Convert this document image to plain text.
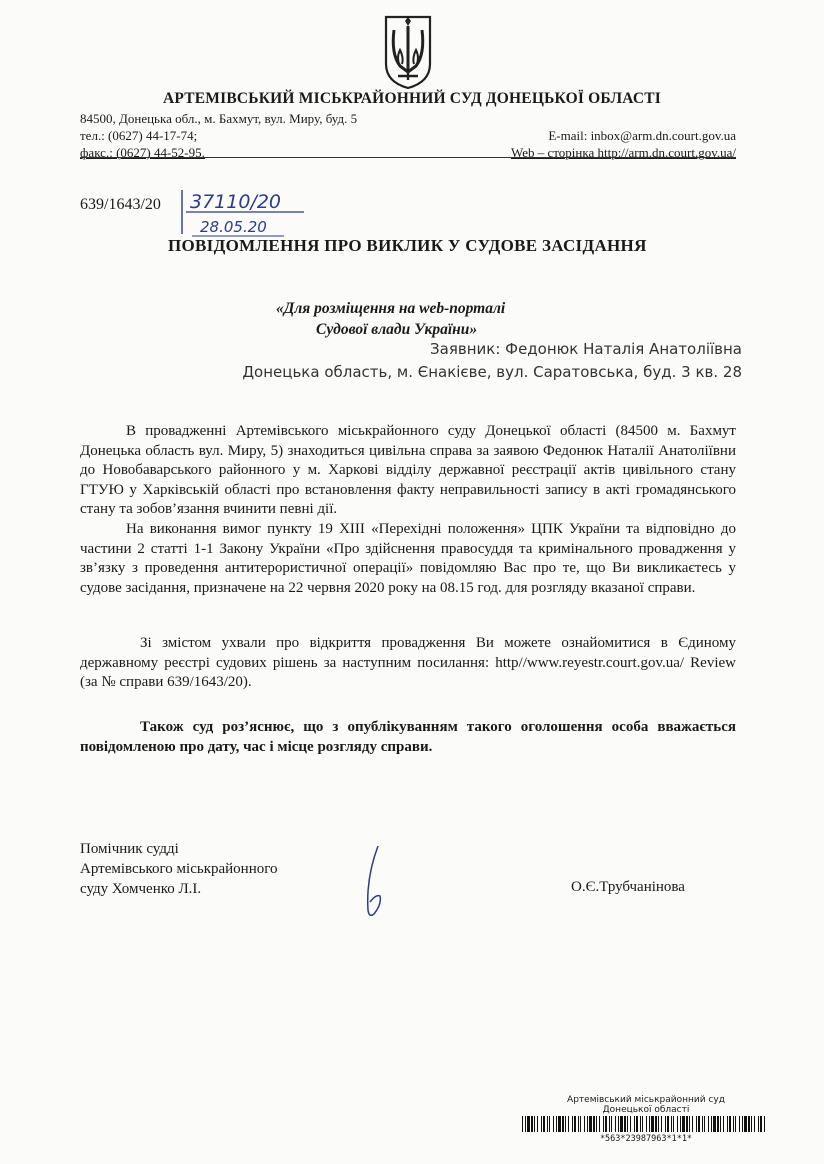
АРТЕМІВСЬКИЙ МІСЬКРАЙОННИЙ СУД ДОНЕЦЬКОЇ ОБЛАСТІ
84500, Донецька обл., м. Бахмут, вул. Миру, буд. 5
тел.: (0627) 44-17-74;
факс.: (0627) 44-52-95.
E-mail: inbox@arm.dn.court.gov.ua
Web – сторінка http://arm.dn.court.gov.ua/
639/1643/20 37110/20
28.05.20
ПОВІДОМЛЕННЯ ПРО ВИКЛИК У СУДОВЕ ЗАСІДАННЯ
«Для розміщення на web-порталі
Судової влади України»
Заявник: Федонюк Наталія Анатоліївна
Донецька область, м. Єнакієве, вул. Саратовська, буд. 3 кв. 28
В провадженні Артемівського міськрайонного суду Донецької області (84500 м. Бахмут Донецька область вул. Миру, 5) знаходиться цивільна справа за заявою Федонюк Наталії Анатоліївни до Новобаварського районного у м. Харкові відділу державної реєстрації актів цивільного стану ГТУЮ у Харківській області про встановлення факту неправильності запису в акті громадянського стану та зобов’язання вчинити певні дії.
На виконання вимог пункту 19 XIII «Перехідні положення» ЦПК України та відповідно до частини 2 статті 1-1 Закону України «Про здійснення правосуддя та кримінального провадження у зв’язку з проведення антитерористичної операції» повідомляю Вас про те, що Ви викликаєтесь у судове засідання, призначене на 22 червня 2020 року на 08.15 год. для розгляду вказаної справи.
Зі змістом ухвали про відкриття провадження Ви можете ознайомитися в Єдиному державному реєстрі судових рішень за наступним посилання: http//www.reyestr.court.gov.ua/ Review (за № справи 639/1643/20).
Також суд роз’яснює, що з опублікуванням такого оголошення особа вважається повідомленою про дату, час і місце розгляду справи.
Помічник судді
Артемівського міськрайонного
суду Хомченко Л.І.	О.Є.Трубчанінова
Артемівський міськрайонний суд
Донецької області
*563*23987963*1*1*
